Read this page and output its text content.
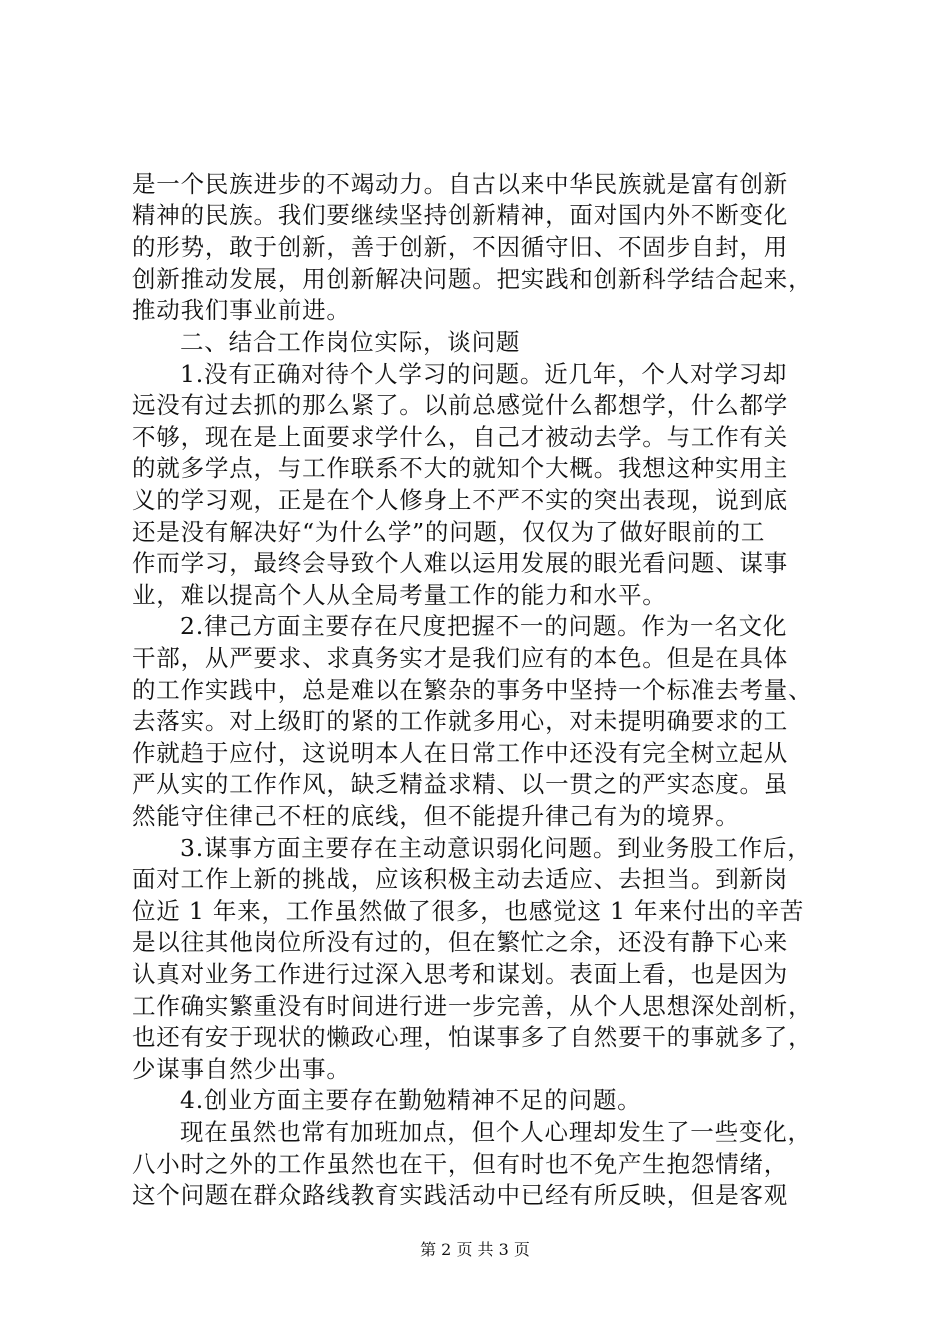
是一个民族进步的不竭动力。自古以来中华民族就是富有创新
精神的民族。我们要继续坚持创新精神，面对国内外不断变化
的形势，敢于创新，善于创新，不因循守旧、不固步自封，用
创新推动发展，用创新解决问题。把实践和创新科学结合起来，
推动我们事业前进。
二、结合工作岗位实际，谈问题
1.没有正确对待个人学习的问题。近几年，个人对学习却
远没有过去抓的那么紧了。以前总感觉什么都想学，什么都学
不够，现在是上面要求学什么，自己才被动去学。与工作有关
的就多学点，与工作联系不大的就知个大概。我想这种实用主
义的学习观，正是在个人修身上不严不实的突出表现，说到底
还是没有解决好“为什么学”的问题，仅仅为了做好眼前的工
作而学习，最终会导致个人难以运用发展的眼光看问题、谋事
业，难以提高个人从全局考量工作的能力和水平。
2.律己方面主要存在尺度把握不一的问题。作为一名文化
干部，从严要求、求真务实才是我们应有的本色。但是在具体
的工作实践中，总是难以在繁杂的事务中坚持一个标准去考量、
去落实。对上级盯的紧的工作就多用心，对未提明确要求的工
作就趋于应付，这说明本人在日常工作中还没有完全树立起从
严从实的工作作风，缺乏精益求精、以一贯之的严实态度。虽
然能守住律己不枉的底线，但不能提升律己有为的境界。
3.谋事方面主要存在主动意识弱化问题。到业务股工作后，
面对工作上新的挑战，应该积极主动去适应、去担当。到新岗
位近 1 年来，工作虽然做了很多，也感觉这 1 年来付出的辛苦
是以往其他岗位所没有过的，但在繁忙之余，还没有静下心来
认真对业务工作进行过深入思考和谋划。表面上看，也是因为
工作确实繁重没有时间进行进一步完善，从个人思想深处剖析，
也还有安于现状的懒政心理，怕谋事多了自然要干的事就多了，
少谋事自然少出事。
4.创业方面主要存在勤勉精神不足的问题。
现在虽然也常有加班加点，但个人心理却发生了一些变化，
八小时之外的工作虽然也在干，但有时也不免产生抱怨情绪，
这个问题在群众路线教育实践活动中已经有所反映，但是客观
第 2 页 共 3 页
